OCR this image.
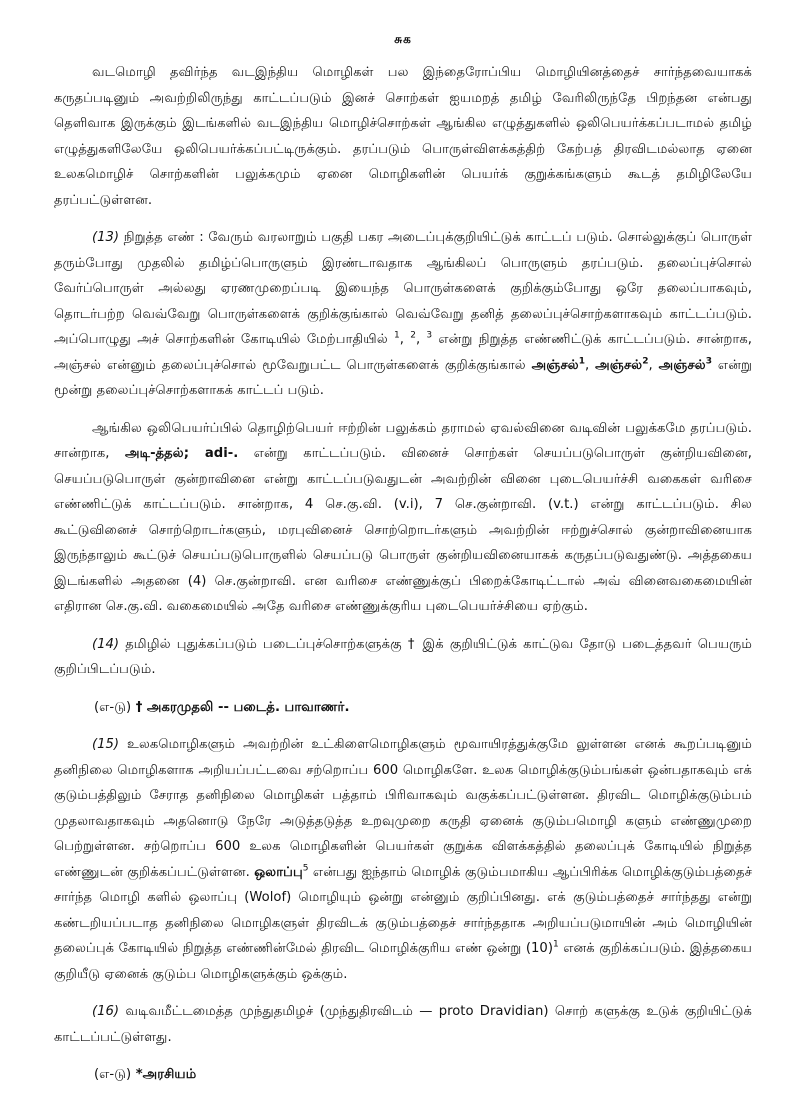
சுக

வடமொழி தவிர்ந்த வடஇந்திய மொழிகள் பல இந்தைரோப்பிய மொழியினத்தைச் சார்ந்தவையாகக் கருதப்படினும் அவற்றிலிருந்து காட்டப்படும் இனச் சொற்கள் ஐயமறத் தமிழ் வேரிலிருந்தே பிறந்தன என்பது தெளிவாக இருக்கும் இடங்களில் வடஇந்திய மொழிச்சொற்கள் ஆங்கில எழுத்துகளில் ஒலிபெயர்க்கப்படாமல் தமிழ் எழுத்துகளிலேயே ஒலிபெயர்க்கப்பட்டிருக்கும். தரப்படும் பொருள்விளக்கத்திற் கேற்பத் திரவிடமல்லாத ஏனை உலகமொழிச் சொற்களின் பலுக்கமும் ஏனை மொழிகளின் பெயர்க் குறுக்கங்களும் கூடத் தமிழிலேயே தரப்பட்டுள்ளன.

(13) நிறுத்த எண் : வேரும் வரலாறும் பகுதி பகர அடைப்புக்குறியிட்டுக் காட்டப் படும். சொல்லுக்குப் பொருள் தரும்போது முதலில் தமிழ்ப்பொருளும் இரண்டாவதாக ஆங்கிலப் பொருளும் தரப்படும். தலைப்புச்சொல் வேர்ப்பொருள் அல்லது ஏரணமுறைப்படி இயைந்த பொருள்களைக் குறிக்கும்போது ஒரே தலைப்பாகவும், தொடர்பற்ற வெவ்வேறு பொருள்களைக் குறிக்குங்கால் வெவ்வேறு தனித் தலைப்புச்சொற்களாகவும் காட்டப்படும். அப்பொழுது அச் சொற்களின் கோடியில் மேற்பாதியில் $^1$, $^2$, $^3$ என்று நிறுத்த எண்ணிட்டுக் காட்டப்படும். சான்றாக, அஞ்சல் என்னும் தலைப்புச்சொல் மூவேறுபட்ட பொருள்களைக் குறிக்குங்கால் அஞ்சல்$^1$, அஞ்சல்$^2$, அஞ்சல்$^3$ என்று மூன்று தலைப்புச்சொற்களாகக் காட்டப் படும்.

ஆங்கில ஒலிபெயர்ப்பில் தொழிற்பெயர் ஈற்றின் பலுக்கம் தராமல் ஏவல்வினை வடிவின் பலுக்கமே தரப்படும். சான்றாக, அடி-த்தல்; adi-. என்று காட்டப்படும். வினைச் சொற்கள் செயப்படுபொருள் குன்றியவினை, செயப்படுபொருள் குன்றாவினை என்று காட்டப்படுவதுடன் அவற்றின் வினை புடைபெயர்ச்சி வகைகள் வரிசை எண்ணிட்டுக் காட்டப்படும். சான்றாக, 4 செ.கு.வி. (v.i), 7 செ.குன்றாவி. (v.t.) என்று காட்டப்படும். சில கூட்டுவினைச் சொற்றொடர்களும், மரபுவினைச் சொற்றொடர்களும் அவற்றின் ஈற்றுச்சொல் குன்றாவினையாக இருந்தாலும் கூட்டுச் செயப்படுபொருளில் செயப்படு பொருள் குன்றியவினையாகக் கருதப்படுவதுண்டு. அத்தகைய இடங்களில் அதனை (4) செ.குன்றாவி. என வரிசை எண்ணுக்குப் பிறைக்கோடிட்டால் அவ் வினைவகைமையின் எதிரான செ.கு.வி. வகைமையில் அதே வரிசை எண்ணுக்குரிய புடைபெயர்ச்சியை ஏற்கும்.

(14) தமிழில் புதுக்கப்படும் படைப்புச்சொற்களுக்கு † இக் குறியிட்டுக் காட்டுவ தோடு படைத்தவர் பெயரும் குறிப்பிடப்படும்.

(எ-டு) † அகரமுதலி -- படைத். பாவாணர்.

(15) உலகமொழிகளும் அவற்றின் உட்கிளைமொழிகளும் மூவாயிரத்துக்குமே லுள்ளன எனக் கூறப்படினும் தனிநிலை மொழிகளாக அறியப்பட்டவை சற்றொப்ப 600 மொழிகளே. உலக மொழிக்குடும்பங்கள் ஒன்பதாகவும் எக் குடும்பத்திலும் சேராத தனிநிலை மொழிகள் பத்தாம் பிரிவாகவும் வகுக்கப்பட்டுள்ளன. திரவிட மொழிக்குடும்பம் முதலாவதாகவும் அதனொடு நேரே அடுத்தடுத்த உறவுமுறை கருதி ஏனைக் குடும்பமொழி களும் எண்ணுமுறை பெற்றுள்ளன. சற்றொப்ப 600 உலக மொழிகளின் பெயர்கள் குறுக்க விளக்கத்தில் தலைப்புக் கோடியில் நிறுத்த எண்ணுடன் குறிக்கப்பட்டுள்ளன. ஒலாப்பு$^5$ என்பது ஐந்தாம் மொழிக் குடும்பமாகிய ஆப்பிரிக்க மொழிக்குடும்பத்தைச் சார்ந்த மொழி களில் ஒலாப்பு (Wolof) மொழியும் ஒன்று என்னும் குறிப்பினது. எக் குடும்பத்தைச் சார்ந்தது என்று கண்டறியப்படாத தனிநிலை மொழிகளுள் திரவிடக் குடும்பத்தைச் சார்ந்ததாக அறியப்படுமாயின் அம் மொழியின் தலைப்புக் கோடியில் நிறுத்த எண்ணின்மேல் திரவிட மொழிக்குரிய எண் ஒன்று $(10)^1$ எனக் குறிக்கப்படும். இத்தகைய குறியீடு ஏனைக் குடும்ப மொழிகளுக்கும் ஒக்கும்.

(16) வடிவமீட்டமைத்த முந்துதமிழச் (முந்துதிரவிடம் — proto Dravidian) சொற் களுக்கு உடுக் குறியிட்டுக் காட்டப்பட்டுள்ளது.

(எ-டு) *அரசியம்
